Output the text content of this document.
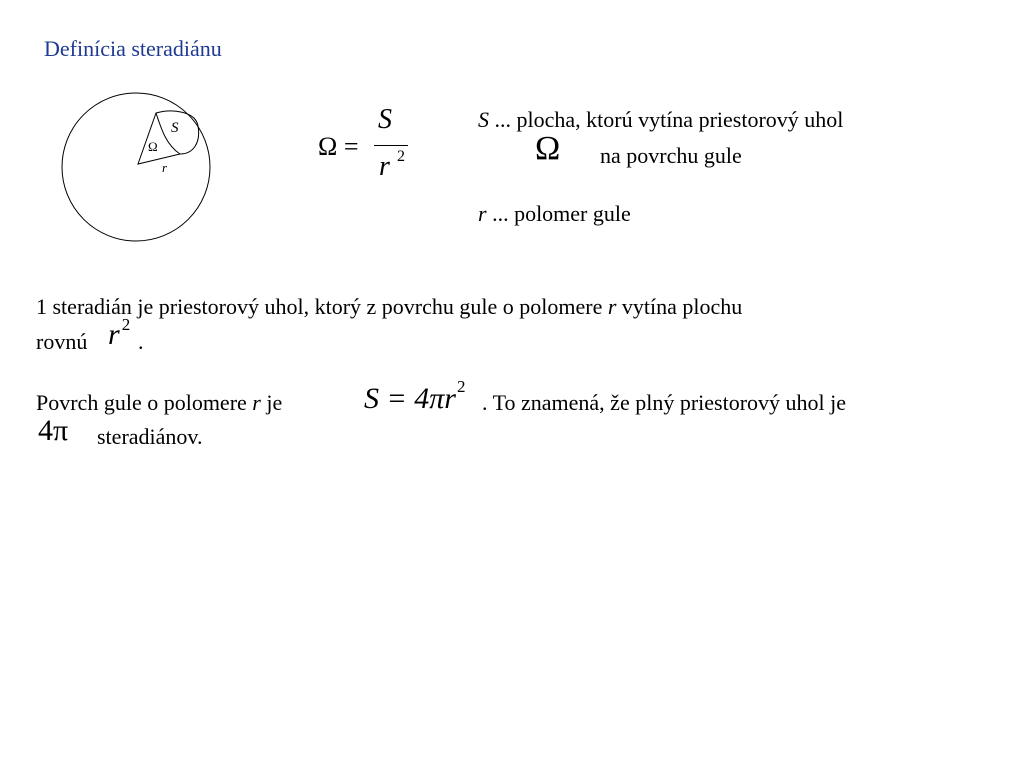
Definícia steradiánu
S
Ω
r
Ω =
S
r 2
S ... plocha, ktorú vytína priestorový uhol
Ω na povrchu gule
r ... polomer gule
1 steradián je priestorový uhol, ktorý z povrchu gule o polomere r vytína plochu
rovnú r 2
.
Povrch gule o polomere r je	S = 4πr2
. To znamená, že plný priestorový uhol je
4π steradiánov.
